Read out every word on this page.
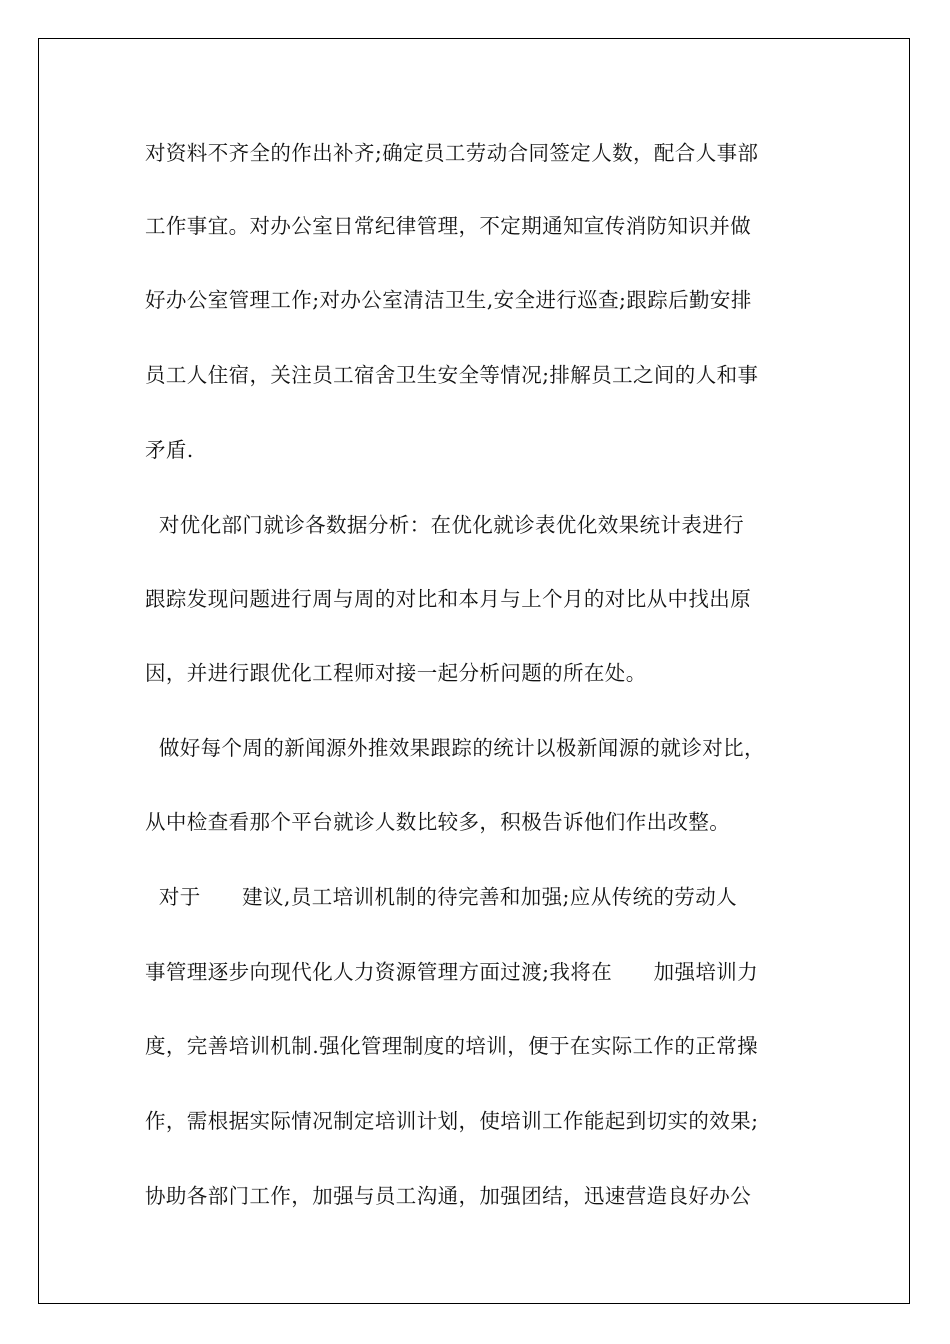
对资料不齐全的作出补齐;确定员工劳动合同签定人数，配合人事部
工作事宜。对办公室日常纪律管理，不定期通知宣传消防知识并做
好办公室管理工作;对办公室清洁卫生,安全进行巡查;跟踪后勤安排
员工人住宿，关注员工宿舍卫生安全等情况;排解员工之间的人和事
矛盾.
对优化部门就诊各数据分析：在优化就诊表优化效果统计表进行
跟踪发现问题进行周与周的对比和本月与上个月的对比从中找出原
因，并进行跟优化工程师对接一起分析问题的所在处。
做好每个周的新闻源外推效果跟踪的统计以极新闻源的就诊对比，
从中检查看那个平台就诊人数比较多，积极告诉他们作出改整。
对于      建议,员工培训机制的待完善和加强;应从传统的劳动人
事管理逐步向现代化人力资源管理方面过渡;我将在      加强培训力
度，完善培训机制.强化管理制度的培训，便于在实际工作的正常操
作，需根据实际情况制定培训计划，使培训工作能起到切实的效果;
协助各部门工作，加强与员工沟通，加强团结，迅速营造良好办公
